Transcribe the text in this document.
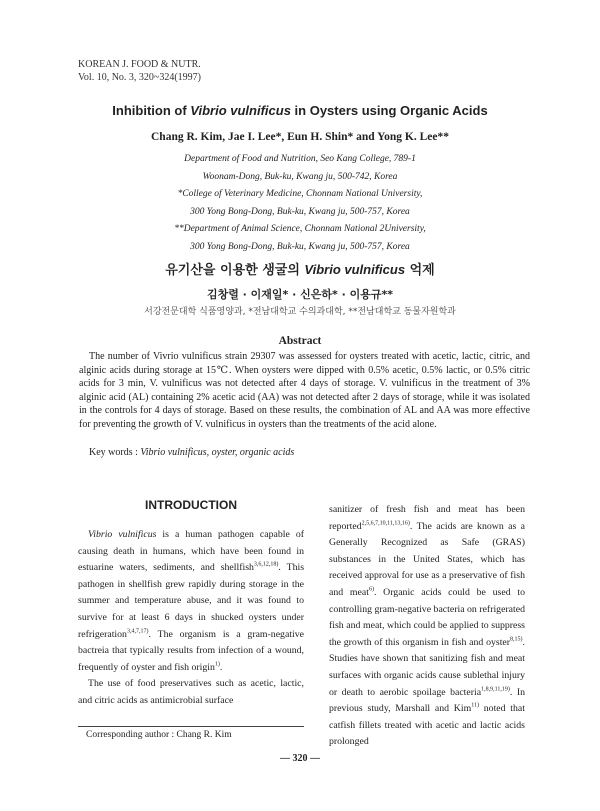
KOREAN J. FOOD & NUTR.
Vol. 10, No. 3, 320~324(1997)
Inhibition of Vibrio vulnificus in Oysters using Organic Acids
Chang R. Kim, Jae I. Lee*, Eun H. Shin* and Yong K. Lee**
Department of Food and Nutrition, Seo Kang College, 789-1
Woonam-Dong, Buk-ku, Kwang ju, 500-742, Korea
*College of Veterinary Medicine, Chonnam National University,
300 Yong Bong-Dong, Buk-ku, Kwang ju, 500-757, Korea
**Department of Animal Science, Chonnam National 2University,
300 Yong Bong-Dong, Buk-ku, Kwang ju, 500-757, Korea
유기산을 이용한 생굴의 Vibrio vulnificus 억제
김창렬 · 이재일* · 신은하* · 이용규**
서강전문대학 식품영양과, *전남대학교 수의과대학, **전남대학교 동물자원학과
Abstract

The number of Vivrio vulnificus strain 29307 was assessed for oysters treated with acetic, lactic, citric, and alginic acids during storage at 15℃. When oysters were dipped with 0.5% acetic, 0.5% lactic, or 0.5% citric acids for 3 min, V. vulnificus was not detected after 4 days of storage. V. vulnificus in the treatment of 3% alginic acid (AL) containing 2% acetic acid (AA) was not detected after 2 days of storage, while it was isolated in the controls for 4 days of storage. Based on these results, the combination of AL and AA was more effective for preventing the growth of V. vulnificus in oysters than the treatments of the acid alone.

Key words : Vibrio vulnificus, oyster, organic acids
INTRODUCTION

Vibrio vulnificus is a human pathogen capable of causing death in humans, which have been found in estuarine waters, sediments, and shellfish$^{3,6,12,18)}$. This pathogen in shellfish grew rapidly during storage in the summer and temperature abuse, and it was found to survive for at least 6 days in shucked oysters under refrigeration$^{3,4,7,17)}$. The organism is a gram-negative bactreia that typically results from infection of a wound, frequently of oyster and fish origin$^{1)}$.

The use of food preservatives such as acetic, lactic, and citric acids as antimicrobial surface

sanitizer of fresh fish and meat has been reported$^{2,5,6,7,10,11,13,16)}$. The acids are known as a Generally Recognized as Safe (GRAS) substances in the United States, which has received approval for use as a preservative of fish and meat$^{6)}$. Organic acids could be used to controlling gram-negative bacteria on refrigerated fish and meat, which could be applied to suppress the growth of this organism in fish and oyster$^{8,15)}$. Studies have shown that sanitizing fish and meat surfaces with organic acids cause sublethal injury or death to aerobic spoilage bacteria$^{1,8,9,11,19)}$. In previous study, Marshall and Kim$^{11)}$ noted that catfish fillets treated with acetic and lactic acids prolonged

Corresponding author : Chang R. Kim
— 320 —
